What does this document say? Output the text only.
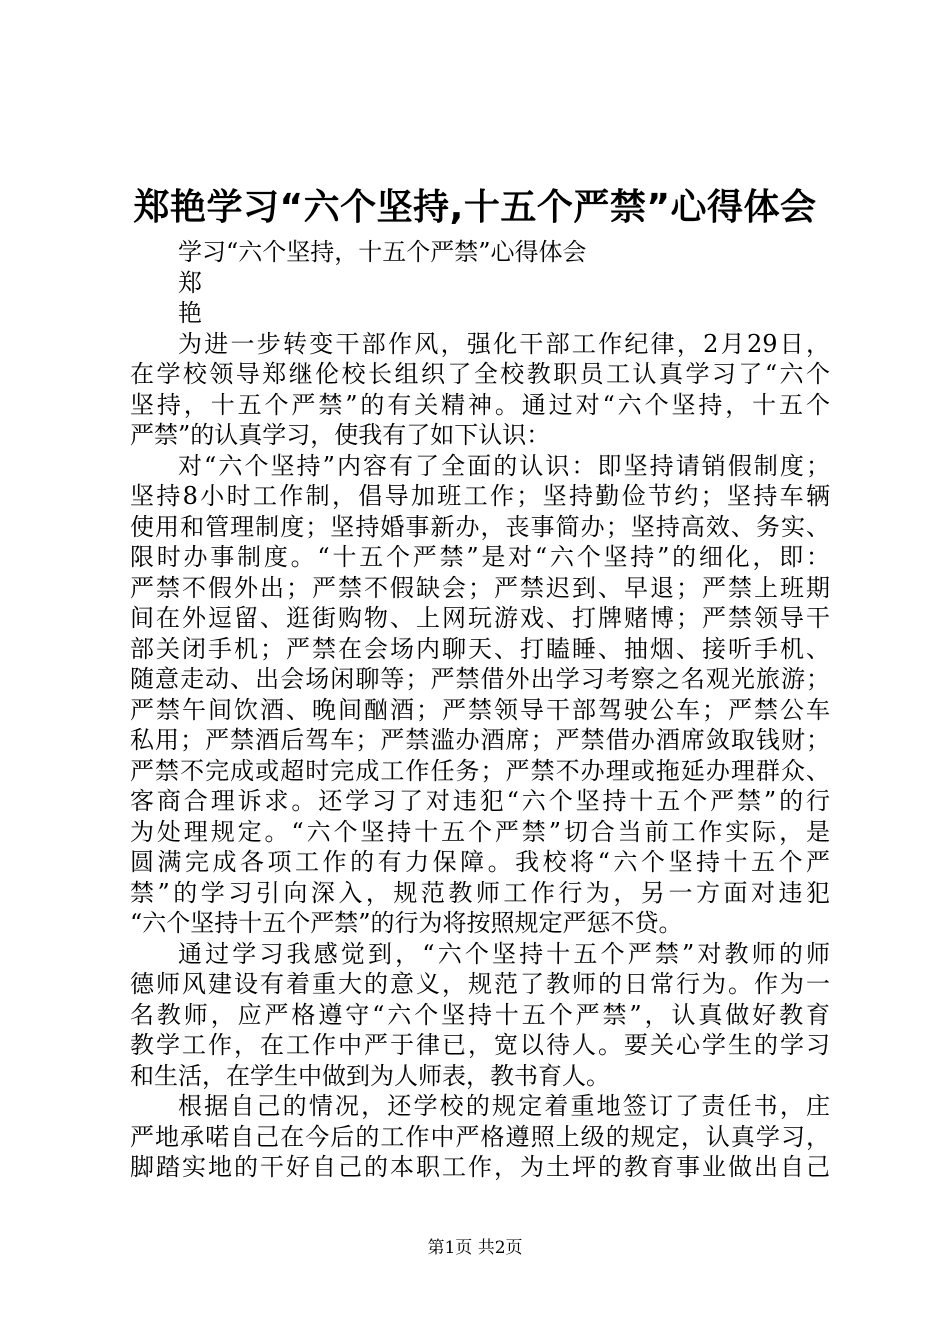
郑艳学习“六个坚持,十五个严禁”心得体会
学习“六个坚持，十五个严禁”心得体会
郑
艳
为进一步转变干部作风，强化干部工作纪律，2月29日，
在学校领导郑继伦校长组织了全校教职员工认真学习了“六个
坚持，十五个严禁”的有关精神。通过对“六个坚持，十五个
严禁”的认真学习，使我有了如下认识：
对“六个坚持”内容有了全面的认识：即坚持请销假制度；
坚持8小时工作制，倡导加班工作；坚持勤俭节约；坚持车辆
使用和管理制度；坚持婚事新办，丧事简办；坚持高效、务实、
限时办事制度。“十五个严禁”是对“六个坚持”的细化，即：
严禁不假外出；严禁不假缺会；严禁迟到、早退；严禁上班期
间在外逗留、逛街购物、上网玩游戏、打牌赌博；严禁领导干
部关闭手机；严禁在会场内聊天、打瞌睡、抽烟、接听手机、
随意走动、出会场闲聊等；严禁借外出学习考察之名观光旅游；
严禁午间饮酒、晚间酗酒；严禁领导干部驾驶公车；严禁公车
私用；严禁酒后驾车；严禁滥办酒席；严禁借办酒席敛取钱财；
严禁不完成或超时完成工作任务；严禁不办理或拖延办理群众、
客商合理诉求。还学习了对违犯“六个坚持十五个严禁”的行
为处理规定。“六个坚持十五个严禁”切合当前工作实际，是
圆满完成各项工作的有力保障。我校将“六个坚持十五个严
禁”的学习引向深入，规范教师工作行为，另一方面对违犯
“六个坚持十五个严禁”的行为将按照规定严惩不贷。
通过学习我感觉到，“六个坚持十五个严禁”对教师的师
德师风建设有着重大的意义，规范了教师的日常行为。作为一
名教师，应严格遵守“六个坚持十五个严禁”，认真做好教育
教学工作，在工作中严于律已，宽以待人。要关心学生的学习
和生活，在学生中做到为人师表，教书育人。
根据自己的情况，还学校的规定着重地签订了责任书，庄
严地承喏自己在今后的工作中严格遵照上级的规定，认真学习，
脚踏实地的干好自己的本职工作，为土坪的教育事业做出自己
第1页 共2页
